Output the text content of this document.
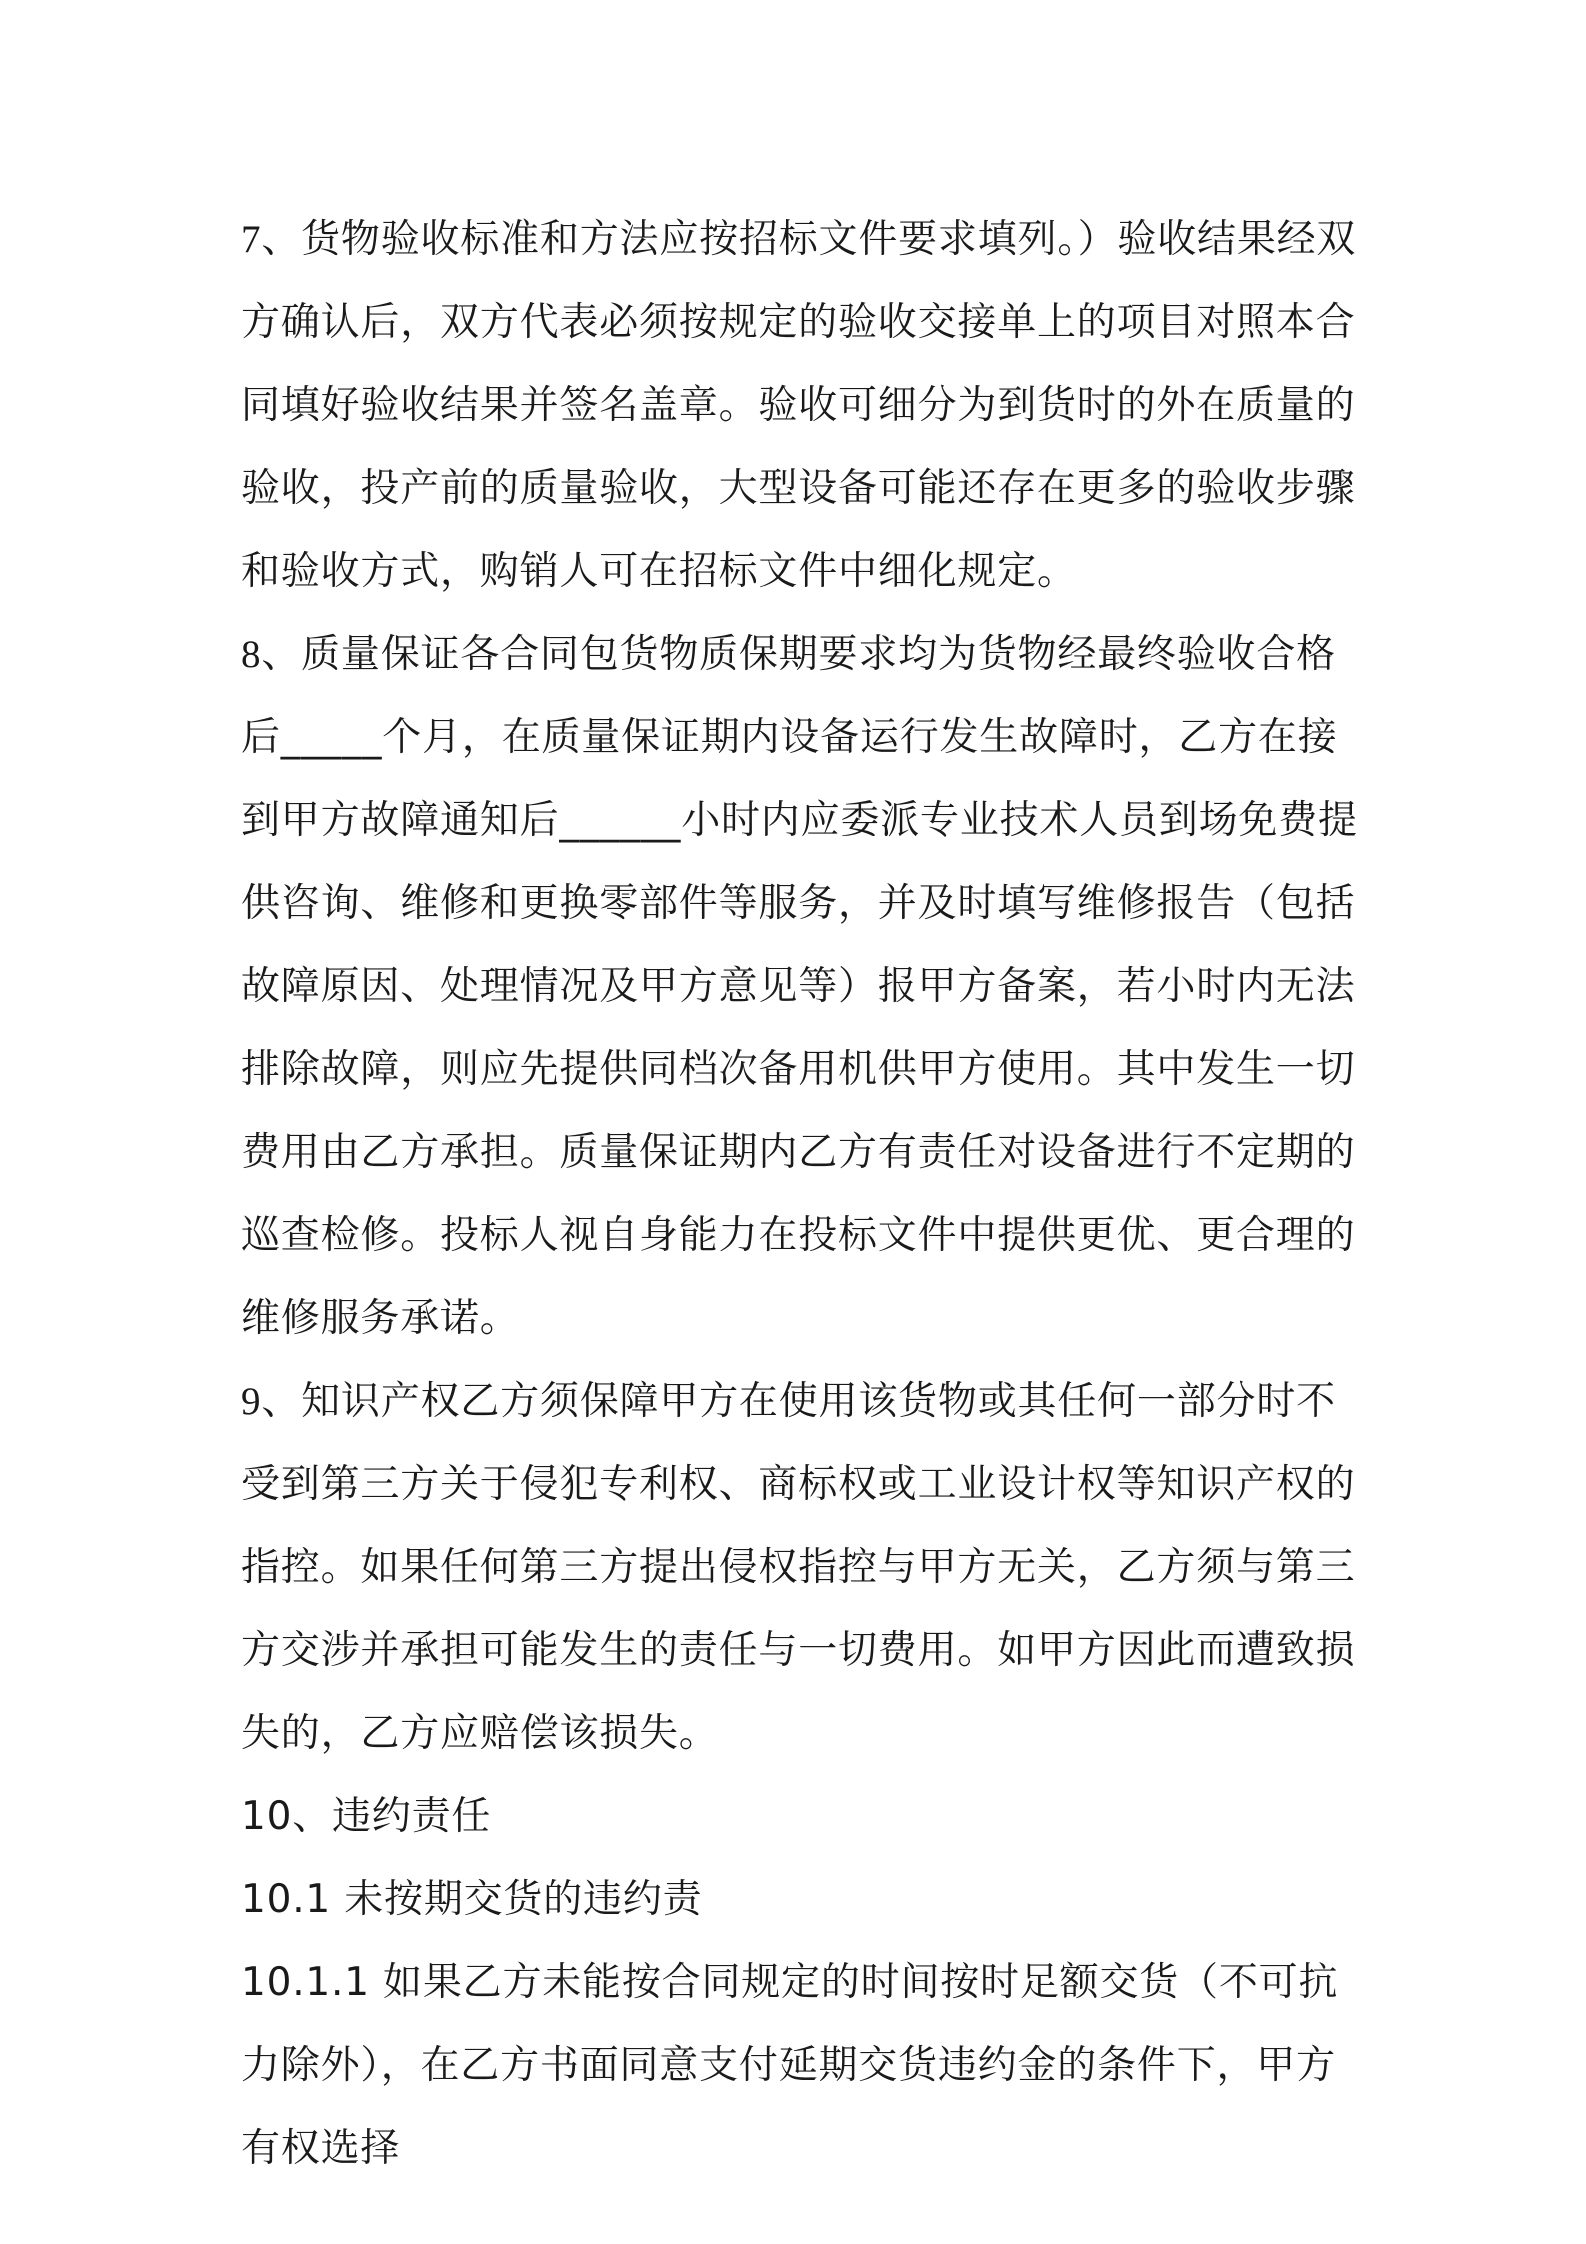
7、货物验收标准和方法应按招标文件要求填列。）验收结果经双方确认后，双方代表必须按规定的验收交接单上的项目对照本合同填好验收结果并签名盖章。验收可细分为到货时的外在质量的验收，投产前的质量验收，大型设备可能还存在更多的验收步骤和验收方式，购销人可在招标文件中细化规定。

8、质量保证各合同包货物质保期要求均为货物经最终验收合格后_____个月，在质量保证期内设备运行发生故障时，乙方在接到甲方故障通知后______小时内应委派专业技术人员到场免费提供咨询、维修和更换零部件等服务，并及时填写维修报告（包括故障原因、处理情况及甲方意见等）报甲方备案，若小时内无法排除故障，则应先提供同档次备用机供甲方使用。其中发生一切费用由乙方承担。质量保证期内乙方有责任对设备进行不定期的巡查检修。投标人视自身能力在投标文件中提供更优、更合理的维修服务承诺。

9、知识产权乙方须保障甲方在使用该货物或其任何一部分时不受到第三方关于侵犯专利权、商标权或工业设计权等知识产权的指控。如果任何第三方提出侵权指控与甲方无关，乙方须与第三方交涉并承担可能发生的责任与一切费用。如甲方因此而遭致损失的，乙方应赔偿该损失。

10、违约责任

10.1 未按期交货的违约责

10.1.1 如果乙方未能按合同规定的时间按时足额交货（不可抗力除外），在乙方书面同意支付延期交货违约金的条件下，甲方有权选择
